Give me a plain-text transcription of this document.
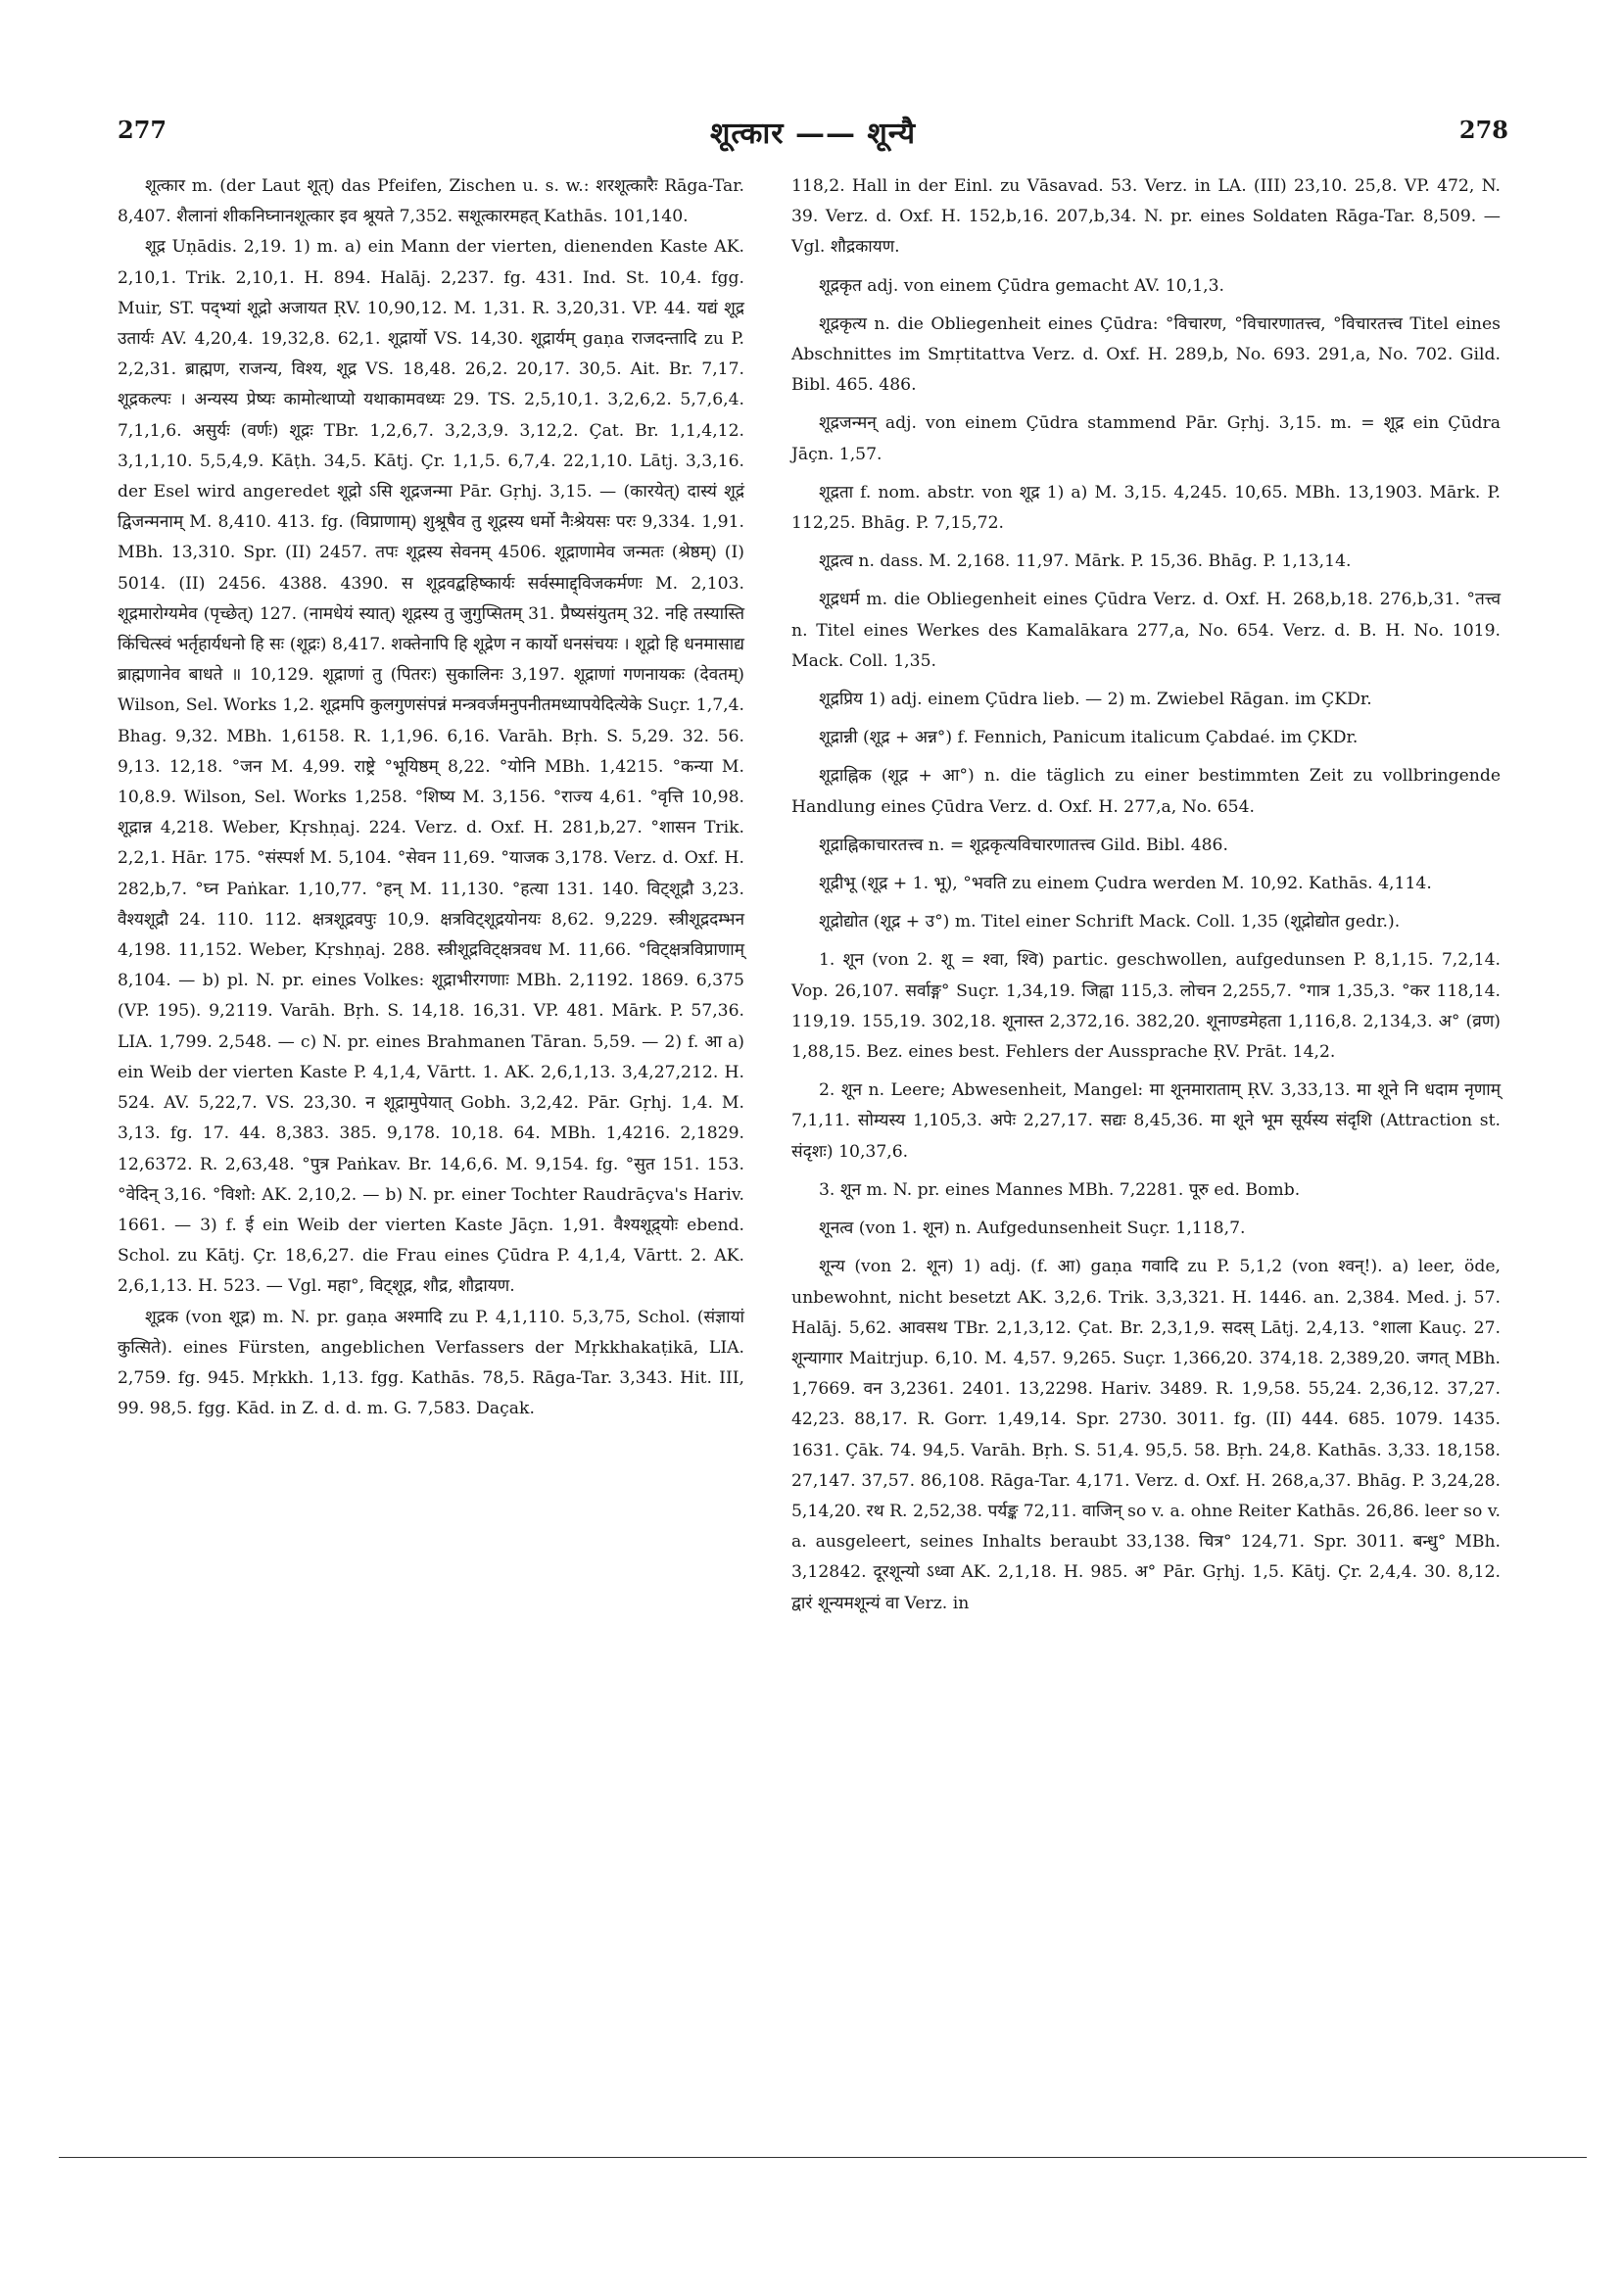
277	शूत्कार —— शून्यै	278

शूत्कार m. (der Laut शूत्) das Pfeifen, Zischen u. s. w.: शरशूत्कारैः Rāga-Tar. 8,407. शैलानां शीकनिघ्नानशूत्कार इव श्रूयते 7,352. सशूत्कारमहत् Kathās. 101,140.

शूद्र Uṇādis. 2,19. 1) m. a) ein Mann der vierten, dienenden Kaste AK. 2,10,1. Trik. 2,10,1. H. 894. Halāj. 2,237. fg. 431. Ind. St. 10,4. fgg. Muir, ST. पद्भ्यां शूद्रो अजायत ṚV. 10,90,12. M. 1,31. R. 3,20,31. VP. 44. यद्यं शूद्र उतार्यः AV. 4,20,4. 19,32,8. 62,1. शूद्रार्यो VS. 14,30. शूद्रार्यम् gaṇa राजदन्तादि zu P. 2,2,31. ब्राह्मण, राजन्य, विश्य, शूद्र VS. 18,48. 26,2. 20,17. 30,5. Ait. Br. 7,17. शूद्रकल्पः । अन्यस्य प्रेष्यः कामोत्थाप्यो यथाकामवध्यः 29. TS. 2,5,10,1. 3,2,6,2. 5,7,6,4. 7,1,1,6. असुर्यः (वर्णः) शूद्रः TBr. 1,2,6,7. 3,2,3,9. 3,12,2. Çat. Br. 1,1,4,12. 3,1,1,10. 5,5,4,9. Kāṭh. 34,5. Kātj. Çr. 1,1,5. 6,7,4. 22,1,10. Lātj. 3,3,16. der Esel wird angeredet शूद्रो ऽसि शूद्रजन्मा Pār. Gṛhj. 3,15. — (कारयेत्) दास्यं शूद्रं द्विजन्मनाम् M. 8,410. 413. fg. (विप्राणाम्) शुश्रूषैव तु शूद्रस्य धर्मो नैःश्रेयसः परः 9,334. 1,91. MBh. 13,310. Spr. (II) 2457. तपः शूद्रस्य सेवनम् 4506. शूद्राणामेव जन्मतः (श्रेष्ठम्) (I) 5014. (II) 2456. 4388. 4390. स शूद्रवद्बहिष्कार्यः सर्वस्माद्द्विजकर्मणः M. 2,103. शूद्रमारोग्यमेव (पृच्छेत्) 127. (नामधेयं स्यात्) शूद्रस्य तु जुगुप्सितम् 31. प्रैष्यसंयुतम् 32. नहि तस्यास्ति किंचित्स्वं भर्तृहार्यधनो हि सः (शूद्रः) 8,417. शक्तेनापि हि शूद्रेण न कार्यो धनसंचयः । शूद्रो हि धनमासाद्य ब्राह्मणानेव बाधते ॥ 10,129. शूद्राणां तु (पितरः) सुकालिनः 3,197. शूद्राणां गणनायकः (देवतम्) Wilson, Sel. Works 1,2. शूद्रमपि कुलगुणसंपन्नं मन्त्रवर्जमनुपनीतमध्यापयेदित्येके Suçr. 1,7,4. Bhag. 9,32. MBh. 1,6158. R. 1,1,96. 6,16. Varāh. Bṛh. S. 5,29. 32. 56. 9,13. 12,18. °जन M. 4,99. राष्ट्रे °भूयिष्ठम् 8,22. °योनि MBh. 1,4215. °कन्या M. 10,8.9. Wilson, Sel. Works 1,258. °शिष्य M. 3,156. °राज्य 4,61. °वृत्ति 10,98. शूद्रान्न 4,218. Weber, Kṛshṇaj. 224. Verz. d. Oxf. H. 281,b,27. °शासन Trik. 2,2,1. Hār. 175. °संस्पर्श M. 5,104. °सेवन 11,69. °याजक 3,178. Verz. d. Oxf. H. 282,b,7. °घ्न Paṅkar. 1,10,77. °हन् M. 11,130. °हत्या 131. 140. विट्शूद्रौ 3,23. वैश्यशूद्रौ 24. 110. 112. क्षत्रशूद्रवपुः 10,9. क्षत्रविट्शूद्रयोनयः 8,62. 9,229. स्त्रीशूद्रदम्भन 4,198. 11,152. Weber, Kṛshṇaj. 288. स्त्रीशूद्रविट्क्षत्रवध M. 11,66. °विट्क्षत्रविप्राणाम् 8,104. — b) pl. N. pr. eines Volkes: शूद्राभीरगणाः MBh. 2,1192. 1869. 6,375 (VP. 195). 9,2119. Varāh. Bṛh. S. 14,18. 16,31. VP. 481. Mārk. P. 57,36. LIA. 1,799. 2,548. — c) N. pr. eines Brahmanen Tāran. 5,59. — 2) f. आ a) ein Weib der vierten Kaste P. 4,1,4, Vārtt. 1. AK. 2,6,1,13. 3,4,27,212. H. 524. AV. 5,22,7. VS. 23,30. न शूद्रामुपेयात् Gobh. 3,2,42. Pār. Gṛhj. 1,4. M. 3,13. fg. 17. 44. 8,383. 385. 9,178. 10,18. 64. MBh. 1,4216. 2,1829. 12,6372. R. 2,63,48. °पुत्र Paṅkav. Br. 14,6,6. M. 9,154. fg. °सुत 151. 153. °वेदिन् 3,16. °विशो: AK. 2,10,2. — b) N. pr. einer Tochter Raudrāçva's Hariv. 1661. — 3) f. ई ein Weib der vierten Kaste Jāçn. 1,91. वैश्यशूद्र्योः ebend. Schol. zu Kātj. Çr. 18,6,27. die Frau eines Çūdra P. 4,1,4, Vārtt. 2. AK. 2,6,1,13. H. 523. — Vgl. महा°, विट्शूद्र, शौद्र, शौद्रायण.

शूद्रक (von शूद्र) m. N. pr. gaṇa अश्मादि zu P. 4,1,110. 5,3,75, Schol. (संज्ञायां कुत्सिते). eines Fürsten, angeblichen Verfassers der Mṛkkhakaṭikā, LIA. 2,759. fg. 945. Mṛkkh. 1,13. fgg. Kathās. 78,5. Rāga-Tar. 3,343. Hit. III, 99. 98,5. fgg. Kād. in Z. d. d. m. G. 7,583. Daçak.

118,2. Hall in der Einl. zu Vāsavad. 53. Verz. in LA. (III) 23,10. 25,8. VP. 472, N. 39. Verz. d. Oxf. H. 152,b,16. 207,b,34. N. pr. eines Soldaten Rāga-Tar. 8,509. — Vgl. शौद्रकायण.

शूद्रकृत adj. von einem Çūdra gemacht AV. 10,1,3.

शूद्रकृत्य n. die Obliegenheit eines Çūdra: °विचारण, °विचारणातत्त्व, °विचारतत्त्व Titel eines Abschnittes im Smṛtitattva Verz. d. Oxf. H. 289,b, No. 693. 291,a, No. 702. Gild. Bibl. 465. 486.

शूद्रजन्मन् adj. von einem Çūdra stammend Pār. Gṛhj. 3,15. m. = शूद्र ein Çūdra Jāçn. 1,57.

शूद्रता f. nom. abstr. von शूद्र 1) a) M. 3,15. 4,245. 10,65. MBh. 13,1903. Mārk. P. 112,25. Bhāg. P. 7,15,72.

शूद्रत्व n. dass. M. 2,168. 11,97. Mārk. P. 15,36. Bhāg. P. 1,13,14.

शूद्रधर्म m. die Obliegenheit eines Çūdra Verz. d. Oxf. H. 268,b,18. 276,b,31. °तत्त्व n. Titel eines Werkes des Kamalākara 277,a, No. 654. Verz. d. B. H. No. 1019. Mack. Coll. 1,35.

शूद्रप्रिय 1) adj. einem Çūdra lieb. — 2) m. Zwiebel Rāgan. im ÇKDr.

शूद्रान्नी (शूद्र + अन्न°) f. Fennich, Panicum italicum Çabdaé. im ÇKDr.

शूद्राह्निक (शूद्र + आ°) n. die täglich zu einer bestimmten Zeit zu vollbringende Handlung eines Çūdra Verz. d. Oxf. H. 277,a, No. 654.

शूद्राह्निकाचारतत्त्व n. = शूद्रकृत्यविचारणातत्त्व Gild. Bibl. 486.

शूद्रीभू (शूद्र + 1. भू), °भवति zu einem Çudra werden M. 10,92. Kathās. 4,114.

शूद्रोद्योत (शूद्र + उ°) m. Titel einer Schrift Mack. Coll. 1,35 (शूद्रोद्योत gedr.).

1. शून (von 2. शू = श्वा, श्वि) partic. geschwollen, aufgedunsen P. 8,1,15. 7,2,14. Vop. 26,107. सर्वाङ्ग° Suçr. 1,34,19. जिह्वा 115,3. लोचन 2,255,7. °गात्र 1,35,3. °कर 118,14. 119,19. 155,19. 302,18. शूनास्त 2,372,16. 382,20. शूनाण्डमेहता 1,116,8. 2,134,3. अ° (व्रण) 1,88,15. Bez. eines best. Fehlers der Aussprache ṚV. Prāt. 14,2.

2. शून n. Leere; Abwesenheit, Mangel: मा शूनमाराताम् ṚV. 3,33,13. मा शूने नि धदाम नृणाम् 7,1,11. सोम्यस्य 1,105,3. अपेः 2,27,17. सद्यः 8,45,36. मा शूने भूम सूर्यस्य संदृशि (Attraction st. संदृशः) 10,37,6.

3. शून m. N. pr. eines Mannes MBh. 7,2281. पूरु ed. Bomb.

शूनत्व (von 1. शून) n. Aufgedunsenheit Suçr. 1,118,7.

शून्य (von 2. शून) 1) adj. (f. आ) gaṇa गवादि zu P. 5,1,2 (von श्वन्!). a) leer, öde, unbewohnt, nicht besetzt AK. 3,2,6. Trik. 3,3,321. H. 1446. an. 2,384. Med. j. 57. Halāj. 5,62. आवसथ TBr. 2,1,3,12. Çat. Br. 2,3,1,9. सदस् Lātj. 2,4,13. °शाला Kauç. 27. शून्यागार Maitrjup. 6,10. M. 4,57. 9,265. Suçr. 1,366,20. 374,18. 2,389,20. जगत् MBh. 1,7669. वन 3,2361. 2401. 13,2298. Hariv. 3489. R. 1,9,58. 55,24. 2,36,12. 37,27. 42,23. 88,17. R. Gorr. 1,49,14. Spr. 2730. 3011. fg. (II) 444. 685. 1079. 1435. 1631. Çāk. 74. 94,5. Varāh. Bṛh. S. 51,4. 95,5. 58. Bṛh. 24,8. Kathās. 3,33. 18,158. 27,147. 37,57. 86,108. Rāga-Tar. 4,171. Verz. d. Oxf. H. 268,a,37. Bhāg. P. 3,24,28. 5,14,20. रथ R. 2,52,38. पर्यङ्क 72,11. वाजिन् so v. a. ohne Reiter Kathās. 26,86. leer so v. a. ausgeleert, seines Inhalts beraubt 33,138. चित्र° 124,71. Spr. 3011. बन्धु° MBh. 3,12842. दूरशून्यो ऽध्वा AK. 2,1,18. H. 985. अ° Pār. Gṛhj. 1,5. Kātj. Çr. 2,4,4. 30. 8,12. द्वारं शून्यमशून्यं वा Verz. in
